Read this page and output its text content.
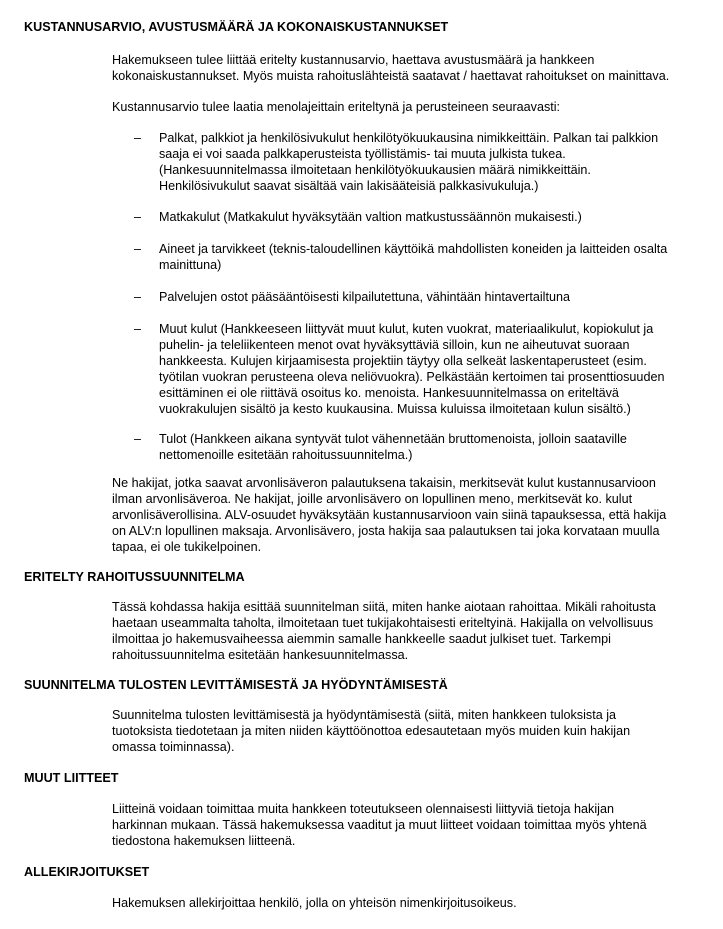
KUSTANNUSARVIO, AVUSTUSMÄÄRÄ JA KOKONAISKUSTANNUKSET
Hakemukseen tulee liittää eritelty kustannusarvio, haettava avustusmäärä ja hankkeen
kokonaiskustannukset. Myös muista rahoituslähteistä saatavat / haettavat rahoitukset on mainittava.
Kustannusarvio tulee laatia menolajeittain eriteltynä ja perusteineen seuraavasti:
–	Palkat, palkkiot ja henkilösivukulut henkilötyökuukausina nimikkeittäin. Palkan tai palkkion
saaja ei voi saada palkkaperusteista työllistämis- tai muuta julkista tukea.
(Hankesuunnitelmassa ilmoitetaan henkilötyökuukausien määrä nimikkeittäin.
Henkilösivukulut saavat sisältää vain lakisääteisiä palkkasivukuluja.)
–	Matkakulut (Matkakulut hyväksytään valtion matkustussäännön mukaisesti.)
–	Aineet ja tarvikkeet (teknis-taloudellinen käyttöikä mahdollisten koneiden ja laitteiden osalta
mainittuna)
–	Palvelujen ostot pääsääntöisesti kilpailutettuna, vähintään hintavertailtuna
–	Muut kulut (Hankkeeseen liittyvät muut kulut, kuten vuokrat, materiaalikulut, kopiokulut ja
puhelin- ja teleliikenteen menot ovat hyväksyttäviä silloin, kun ne aiheutuvat suoraan
hankkeesta. Kulujen kirjaamisesta projektiin täytyy olla selkeät laskentaperusteet (esim.
työtilan vuokran perusteena oleva neliövuokra). Pelkästään kertoimen tai prosenttiosuuden
esittäminen ei ole riittävä osoitus ko. menoista. Hankesuunnitelmassa on eriteltävä
vuokrakulujen sisältö ja kesto kuukausina. Muissa kuluissa ilmoitetaan kulun sisältö.)
–	Tulot (Hankkeen aikana syntyvät tulot vähennetään bruttomenoista, jolloin saataville
nettomenoille esitetään rahoitussuunnitelma.)
Ne hakijat, jotka saavat arvonlisäveron palautuksena takaisin, merkitsevät kulut kustannusarvioon
ilman arvonlisäveroa. Ne hakijat, joille arvonlisävero on lopullinen meno, merkitsevät ko. kulut
arvonlisäverollisina. ALV-osuudet hyväksytään kustannusarvioon vain siinä tapauksessa, että hakija
on ALV:n lopullinen maksaja. Arvonlisävero, josta hakija saa palautuksen tai joka korvataan muulla
tapaa, ei ole tukikelpoinen.
ERITELTY RAHOITUSSUUNNITELMA
Tässä kohdassa hakija esittää suunnitelman siitä, miten hanke aiotaan rahoittaa. Mikäli rahoitusta
haetaan useammalta taholta, ilmoitetaan tuet tukijakohtaisesti eriteltyinä. Hakijalla on velvollisuus
ilmoittaa jo hakemusvaiheessa aiemmin samalle hankkeelle saadut julkiset tuet. Tarkempi
rahoitussuunnitelma esitetään hankesuunnitelmassa.
SUUNNITELMA TULOSTEN LEVITTÄMISESTÄ JA HYÖDYNTÄMISESTÄ
Suunnitelma tulosten levittämisestä ja hyödyntämisestä (siitä, miten hankkeen tuloksista ja
tuotoksista tiedotetaan ja miten niiden käyttöönottoa edesautetaan myös muiden kuin hakijan
omassa toiminnassa).
MUUT LIITTEET
Liitteinä voidaan toimittaa muita hankkeen toteutukseen olennaisesti liittyviä tietoja hakijan
harkinnan mukaan. Tässä hakemuksessa vaaditut ja muut liitteet voidaan toimittaa myös yhtenä
tiedostona hakemuksen liitteenä.
ALLEKIRJOITUKSET
Hakemuksen allekirjoittaa henkilö, jolla on yhteisön nimenkirjoitusoikeus.
